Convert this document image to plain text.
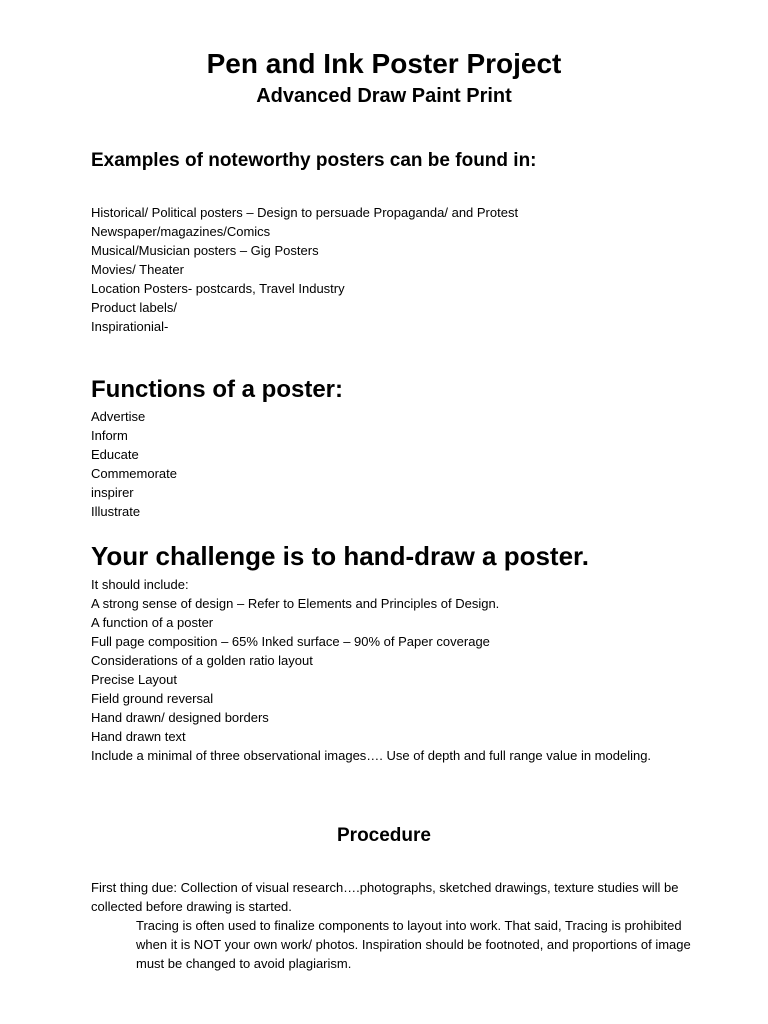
Pen and Ink Poster Project
Advanced Draw Paint Print
Examples of noteworthy posters can be found in:
Historical/ Political posters – Design to persuade Propaganda/ and Protest
Newspaper/magazines/Comics
Musical/Musician posters – Gig Posters
Movies/ Theater
Location Posters- postcards, Travel Industry
Product labels/
Inspirationial-
Functions of a poster:
Advertise
Inform
Educate
Commemorate
inspirer
Illustrate
Your challenge is to hand-draw a poster.
It should include:
A strong sense of design – Refer to Elements and Principles of Design.
A function of a poster
Full page composition – 65% Inked surface – 90% of Paper coverage
Considerations of a golden ratio layout
Precise Layout
Field ground reversal
Hand drawn/ designed borders
Hand drawn text
Include a minimal of three observational images…. Use of depth and full range value in modeling.
Procedure

First thing due: Collection of visual research….photographs, sketched drawings, texture studies will be collected before drawing is started.

Tracing is often used to finalize components to layout into work. That said, Tracing is prohibited when it is NOT your own work/ photos. Inspiration should be footnoted, and proportions of image must be changed to avoid plagiarism.
